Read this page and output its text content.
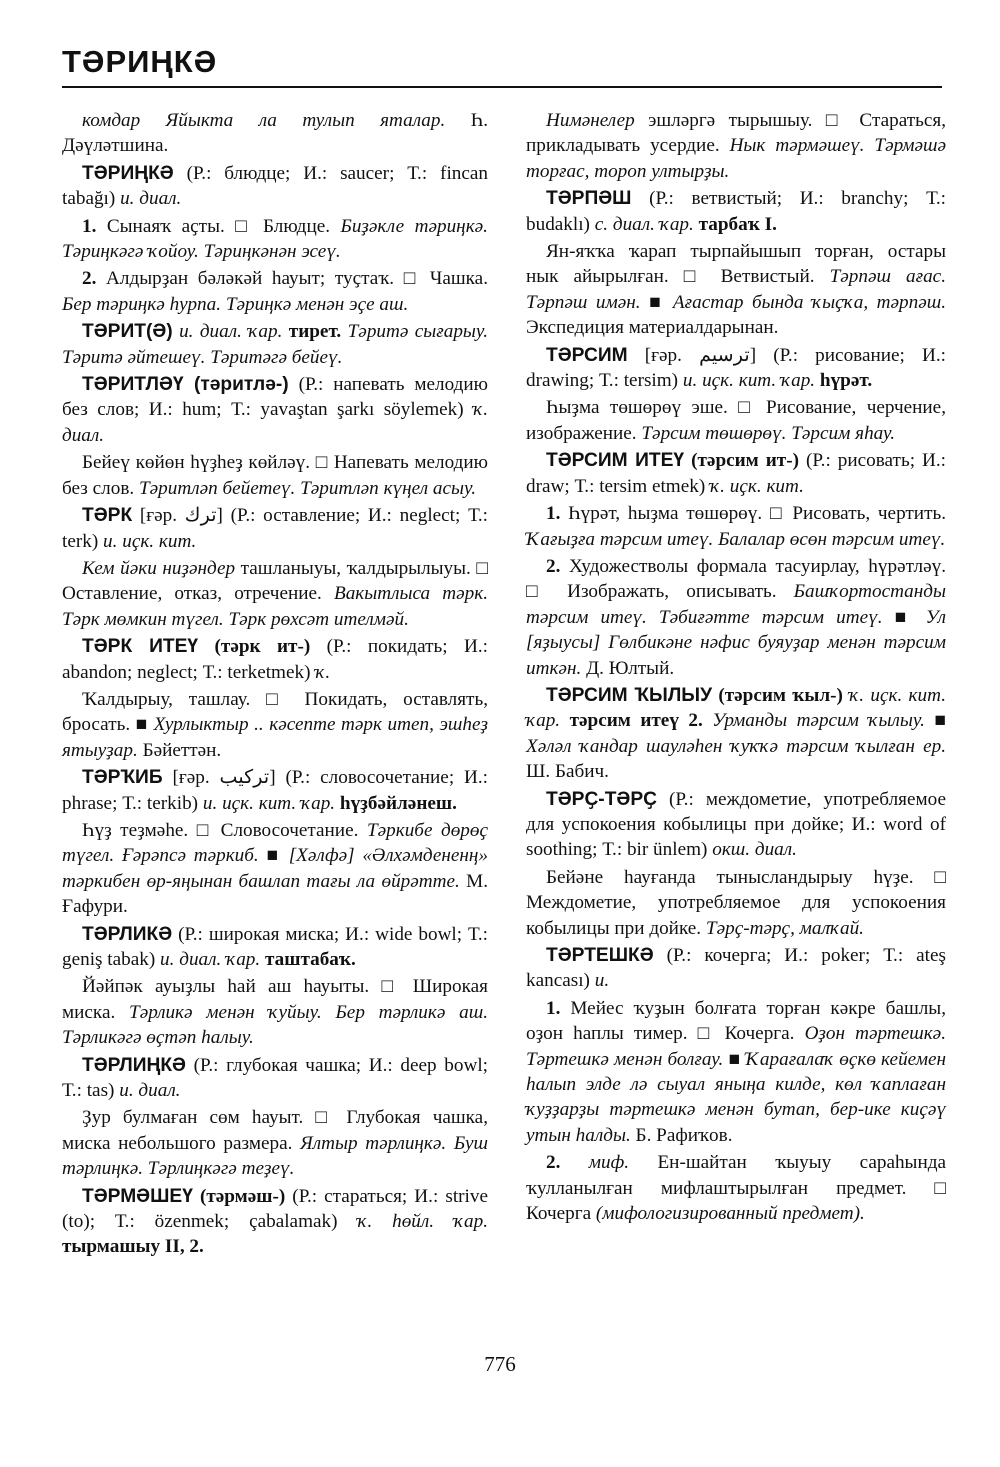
ТӘРИҢКӘ

комдар Яйыкта ла тулып яталар. Һ. Дәүләтшина.

ТӘРИҢКӘ (Р.: блюдце; И.: saucer; Т.: fincan tabağı) и. диал.

1. Сынаяҡ аҫты. □ Блюдце. Биҙәкле тәриңкә. Тәриңкәгә ҡойоу. Тәриңкәнән эсеү.

2. Алдырҙан бәләкәй һауыт; туҫтаҡ. □ Чашка. Бер тәриңкә һурпа. Тәриңкә менән эҫе аш.

ТӘРИТ(Ә) и. диал. ҡар. тирет. Тәритә сығарыу. Тәритә әйтешеү. Тәритәгә бейеү.

ТӘРИТЛӘҮ (тәритлә-) (Р.: напевать мелодию без слов; И.: hum; Т.: yavaştan şarkı söylemek) ҡ. диал.

Бейеү көйөн һүҙһеҙ көйләү. □ Напевать мелодию без слов. Тәритләп бейетеү. Тәритләп күңел асыу.

ТӘРК [ғәр. ترك] (Р.: оставление; И.: neglect; Т.: terk) и. иҫк. кит.

Кем йәки ниҙәндер ташланыуы, ҡалдырылыуы. □ Оставление, отказ, отречение. Вакытлыса тәрк. Тәрк мөмкин түгел. Тәрк рөхсәт ителмәй.

ТӘРК ИТЕҮ (тәрк ит-) (Р.: покидать; И.: abandon; neglect; Т.: terketmek) ҡ.

Ҡалдырыу, ташлау. □ Покидать, оставлять, бросать. ■ Хурлыктыр .. кәсепте тәрк итеп, эшһеҙ ятыуҙар. Бәйеттән.

ТӘРҠИБ [ғәр. تركيب] (Р.: словосочетание; И.: phrase; Т.: terkib) и. иҫк. кит. ҡар. һүҙбәйләнеш.

Һүҙ теҙмәһе. □ Словосочетание. Тәркибе дөрөҫ түгел. Ғәрәпсә тәркиб. ■ [Хәлфә] «Әлхәмдененң» тәркибен өр-яңынан башлап тағы ла өйрәтте. М. Ғафури.

ТӘРЛИКӘ (Р.: широкая миска; И.: wide bowl; Т.: geniş tabak) и. диал. ҡар. таштабаҡ.

Йәйпәк ауыҙлы һай аш һауыты. □ Широкая миска. Тәрликә менән ҡуйыу. Бер тәрликә аш. Тәрликәгә өҫтәп һалыу.

ТӘРЛИҢКӘ (Р.: глубокая чашка; И.: deep bowl; Т.: tas) и. диал.

Ҙур булмаған сөм һауыт. □ Глубокая чашка, миска небольшого размера. Ялтыр тәрлиңкә. Буш тәрлиңкә. Тәрлиңкәгә теҙеү.

ТӘРМӘШЕҮ (тәрмәш-) (Р.: стараться; И.: strive (to); Т.: özenmek; çabalamak) ҡ. һөйл. ҡар. тырмашыу II, 2.

Нимәнелер эшләргә тырышыу. □ Стараться, прикладывать усердие. Нык тәрмәшеү. Тәрмәшә торғас, тороп ултырҙы.

ТӘРПӘШ (Р.: ветвистый; И.: branchy; Т.: budaklı) с. диал. ҡар. тарбаҡ I.

Ян-яҡҡа ҡарап тырпайышып торған, остары нык айырылған. □ Ветвистый. Тәрпәш ағас. Тәрпәш имән. ■ Ағастар бында ҡыҫҡа, тәрпәш. Экспедиция материалдарынан.

ТӘРСИМ [ғәр. ترسيم] (Р.: рисование; И.: drawing; Т.: tersim) и. иҫк. кит. ҡар. һүрәт.

Һыҙма төшөрөү эше. □ Рисование, черчение, изображение. Тәрсим төшөрөү. Тәрсим яһау.

ТӘРСИМ ИТЕҮ (тәрсим ит-) (Р.: рисовать; И.: draw; Т.: tersim etmek) ҡ. иҫк. кит.

1. Һүрәт, һыҙма төшөрөү. □ Рисовать, чертить. Ҡағыҙға тәрсим итеү. Балалар өсөн тәрсим итеү.

2. Художестволы формала тасуирлау, һүрәтләү. □ Изображать, описывать. Башҡортостанды тәрсим итеү. Тәбиғәтте тәрсим итеү. ■ Ул [яҙыусы] Гөлбикәне нәфис буяуҙар менән тәрсим иткән. Д. Юлтый.

ТӘРСИМ ҠЫЛЫУ (тәрсим ҡыл-) ҡ. иҫк. кит. ҡар. тәрсим итеү 2. Урманды тәрсим ҡылыу. ■ Хәләл ҡандар шауләһен ҡуҡҡә тәрсим ҡылған ер. Ш. Бабич.

ТӘРҪ-ТӘРҪ (Р.: междометие, употребляемое для успокоения кобылицы при дойке; И.: word of soothing; Т.: bir ünlem) окш. диал.

Бейәне һауғанда тынысландырыу һүҙе. □ Междометие, употребляемое для успокоения кобылицы при дойке. Тәрҫ-тәрҫ, малҡай.

ТӘРТЕШКӘ (Р.: кочерга; И.: poker; Т.: ateş kancası) и.

1. Мейес ҡуҙын болғата торған кәкре башлы, оҙон һаплы тимер. □ Кочерга. Оҙон тәртешкә. Тәртешкә менән болғау. ■ Ҡарағалаҡ өҫкө кейемен һалып элде лә сыуал яныңа килде, көл ҡаплаған ҡуҙҙарҙы тәртешкә менән бутап, бер-ике киҫәү утын һалды. Б. Рафиҡов.

2. миф. Ен-шайтан ҡыуыу сараһында ҡулланылған мифлаштырылған предмет. □ Кочерга (мифологизированный предмет).

776
